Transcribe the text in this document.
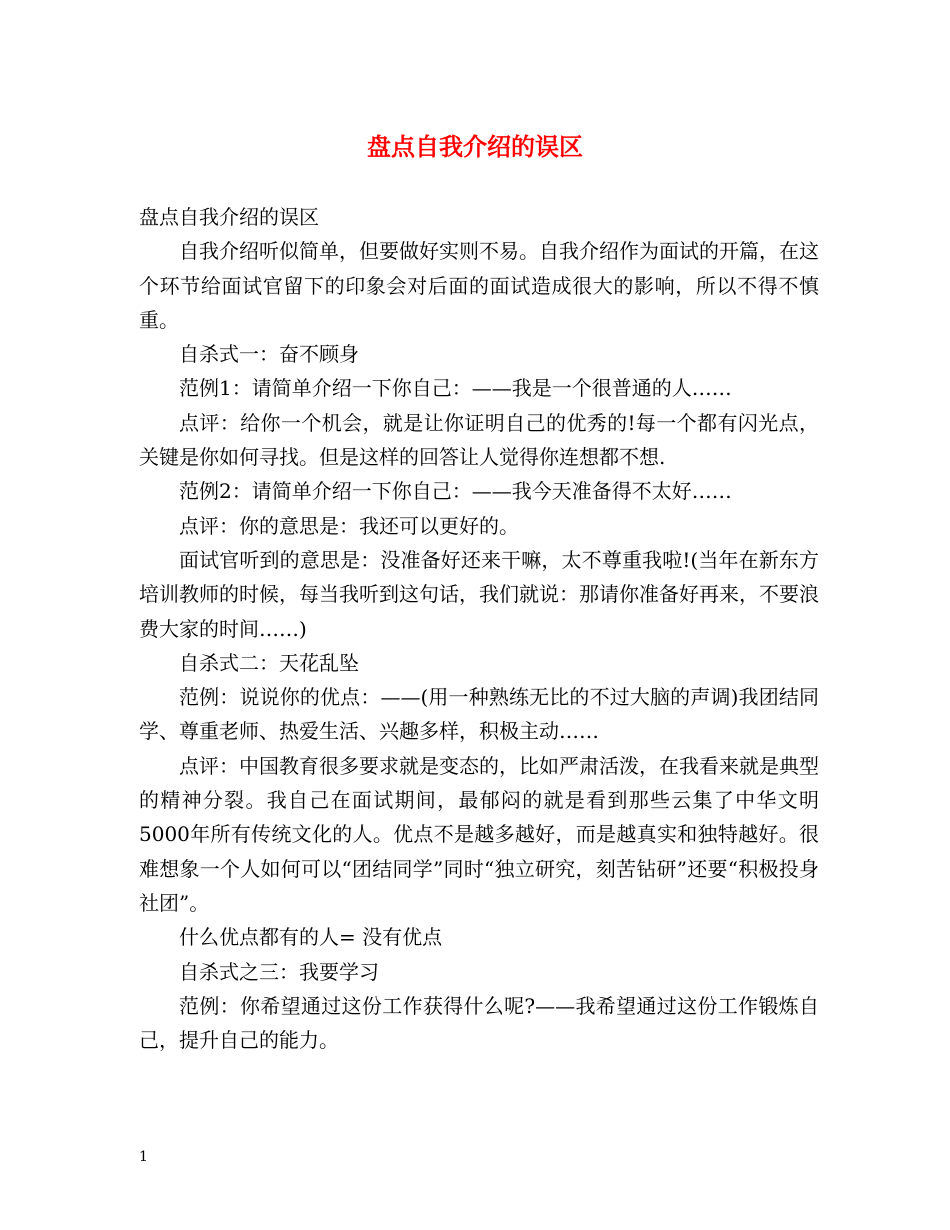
盘点自我介绍的误区

盘点自我介绍的误区

自我介绍听似简单，但要做好实则不易。自我介绍作为面试的开篇，在这个环节给面试官留下的印象会对后面的面试造成很大的影响，所以不得不慎重。

自杀式一：奋不顾身

范例1：请简单介绍一下你自己：——我是一个很普通的人……

点评：给你一个机会，就是让你证明自己的优秀的!每一个都有闪光点，关键是你如何寻找。但是这样的回答让人觉得你连想都不想.

范例2：请简单介绍一下你自己：——我今天准备得不太好……

点评：你的意思是：我还可以更好的。

面试官听到的意思是：没准备好还来干嘛，太不尊重我啦!(当年在新东方培训教师的时候，每当我听到这句话，我们就说：那请你准备好再来，不要浪费大家的时间……)

自杀式二：天花乱坠

范例：说说你的优点：——(用一种熟练无比的不过大脑的声调)我团结同学、尊重老师、热爱生活、兴趣多样，积极主动……

点评：中国教育很多要求就是变态的，比如严肃活泼，在我看来就是典型的精神分裂。我自己在面试期间，最郁闷的就是看到那些云集了中华文明5000年所有传统文化的人。优点不是越多越好，而是越真实和独特越好。很难想象一个人如何可以“团结同学”同时“独立研究，刻苦钻研”还要“积极投身社团”。

什么优点都有的人= 没有优点

自杀式之三：我要学习

范例：你希望通过这份工作获得什么呢?——我希望通过这份工作锻炼自己，提升自己的能力。

1
